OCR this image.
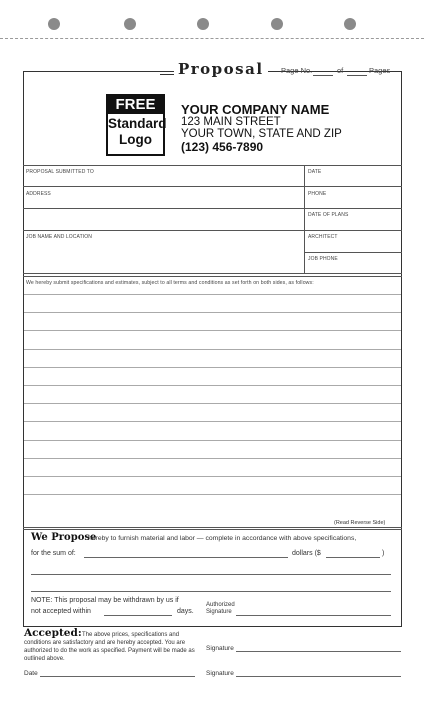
Proposal	Page No.	of	Pages
FREE
Standard
Logo
YOUR COMPANY NAME
123 MAIN STREET
YOUR TOWN, STATE AND ZIP
(123) 456-7890
PROPOSAL SUBMITTED TO	DATE
ADDRESS	PHONE
DATE OF PLANS
JOB NAME AND LOCATION	ARCHITECT
JOB PHONE
We hereby submit specifications and estimates, subject to all terms and conditions as set forth on both sides, as follows:
(Read Reverse Side)
We Propose
hereby to furnish material and labor — complete in accordance with above specifications,
for the sum of:	dollars ($	)
NOTE: This proposal may be withdrawn by us if
not accepted within	days.
Authorized
Signature
Accepted: The above prices, specifications and conditions are satisfactory and are hereby accepted. You are authorized to do the work as specified. Payment will be made as outlined above.
Signature
Date	Signature
